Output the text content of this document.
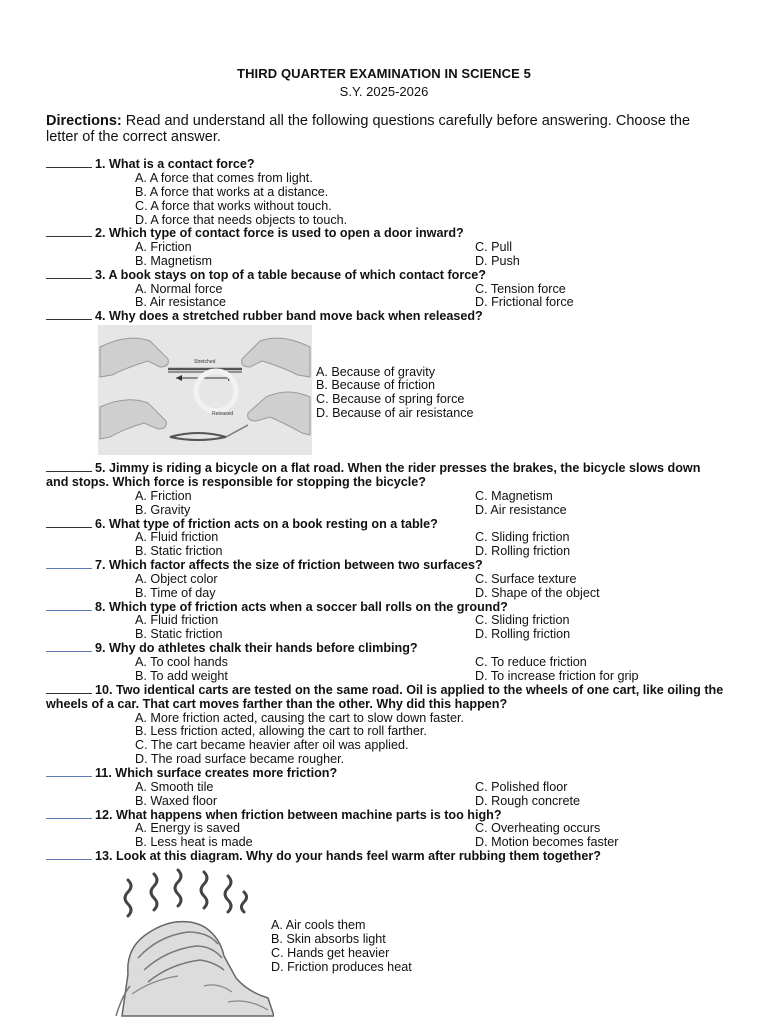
THIRD QUARTER EXAMINATION IN SCIENCE 5
S.Y. 2025-2026
Directions: Read and understand all the following questions carefully before answering. Choose the letter of the correct answer.
1. What is a contact force?
A. A force that comes from light.
B. A force that works at a distance.
C. A force that works without touch.
D. A force that needs objects to touch.
2. Which type of contact force is used to open a door inward?
A. Friction
B. Magnetism
C. Pull
D. Push
3. A book stays on top of a table because of which contact force?
A. Normal force
B. Air resistance
C. Tension force
D. Frictional force
4. Why does a stretched rubber band move back when released?
Stretched
Released
A. Because of gravity
B. Because of friction
C. Because of spring force
D. Because of air resistance
5. Jimmy is riding a bicycle on a flat road. When the rider presses the brakes, the bicycle slows down and stops. Which force is responsible for stopping the bicycle?
A. Friction
B. Gravity
C. Magnetism
D. Air resistance
6. What type of friction acts on a book resting on a table?
A. Fluid friction
B. Static friction
C. Sliding friction
D. Rolling friction
7. Which factor affects the size of friction between two surfaces?
A. Object color
B. Time of day
C. Surface texture
D. Shape of the object
8. Which type of friction acts when a soccer ball rolls on the ground?
A. Fluid friction
B. Static friction
C. Sliding friction
D. Rolling friction
9. Why do athletes chalk their hands before climbing?
A. To cool hands
B. To add weight
C. To reduce friction
D. To increase friction for grip
10. Two identical carts are tested on the same road. Oil is applied to the wheels of one cart, like oiling the wheels of a car. That cart moves farther than the other. Why did this happen?
A. More friction acted, causing the cart to slow down faster.
B. Less friction acted, allowing the cart to roll farther.
C. The cart became heavier after oil was applied.
D. The road surface became rougher.
11. Which surface creates more friction?
A. Smooth tile
B. Waxed floor
C. Polished floor
D. Rough concrete
12. What happens when friction between machine parts is too high?
A. Energy is saved
B. Less heat is made
C. Overheating occurs
D. Motion becomes faster
13. Look at this diagram. Why do your hands feel warm after rubbing them together?
A. Air cools them
B. Skin absorbs light
C. Hands get heavier
D. Friction produces heat
